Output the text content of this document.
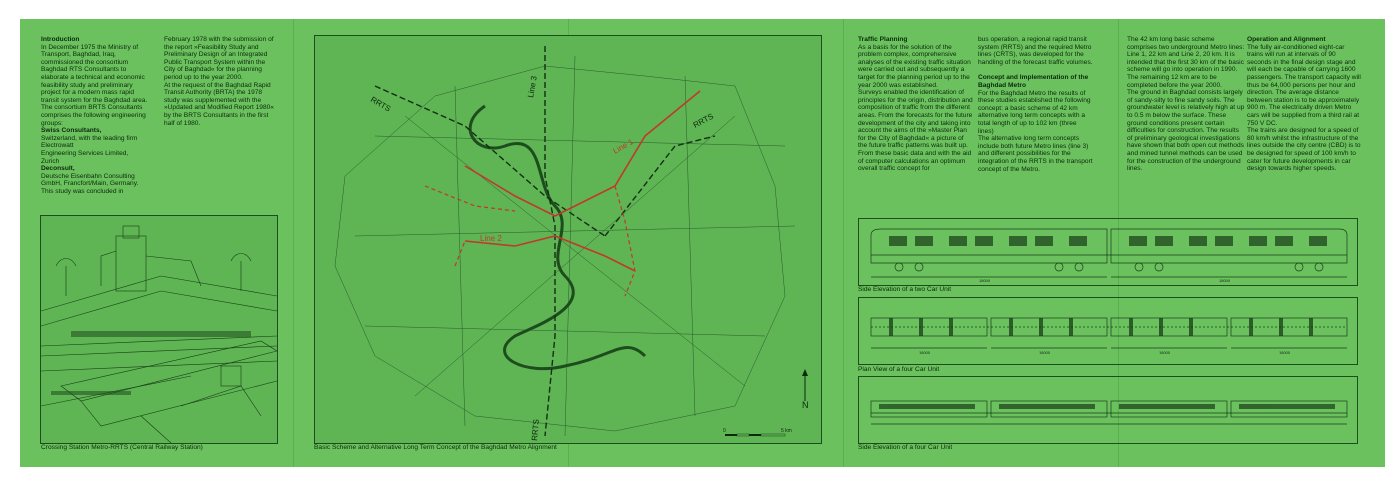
Introduction

In December 1975 the Ministry of Transport, Baghdad, Iraq, commissioned the consortium Baghdad RTS Consultants to elaborate a technical and economic feasibility study and preliminary project for a modern mass rapid transit system for the Baghdad area.

The consortium BRTS Consultants comprises the following engineering groups:

Swiss Consultants,
Switzerland, with the leading firm
Electrowatt
Engineering Services Limited,
Zurich
Deconsult,
Deutsche Eisenbahn Consulting
GmbH, Francfort/Main, Germany.
This study was concluded in

February 1978 with the submission of the report »Feasibility Study and Preliminary Design of an Integrated Public Transport System within the City of Baghdad« for the planning period up to the year 2000.

At the request of the Baghdad Rapid Transit Authority (BRTA) the 1978 study was supplemented with the »Updated and Modified Report 1980« by the BRTS Consultants in the first half of 1980.

Crossing Station Metro-RRTS (Central Railway Station)
N
0	5 km
RRTS
RRTS
RRTS
Line 1
Line 2
Line 3
Basic Scheme and Alternative Long Term Concept of the Baghdad Metro Alignment
Traffic Planning

As a basis for the solution of the problem complex, comprehensive analyses of the existing traffic situation were carried out and subsequently a target for the planning period up to the year 2000 was established.

Surveys enabled the identification of principles for the origin, distribution and composition of traffic from the different areas. From the forecasts for the future development of the city and taking into account the aims of the »Master Plan for the City of Baghdad« a picture of the future traffic patterns was built up.

From these basic data and with the aid of computer calculations an optimum overall traffic concept for

bus operation, a regional rapid transit system (RRTS) and the required Metro lines (CRTS), was developed for the handling of the forecast traffic volumes.

Concept and Implementation of the Baghdad Metro

For the Baghdad Metro the results of these studies established the following concept: a basic scheme of 42 km alternative long term concepts with a total length of up to 102 km (three lines)

The alternative long term concepts include both future Metro lines (line 3) and different possibilities for the integration of the RRTS in the transport concept of the Metro.

The 42 km long basic scheme comprises two underground Metro lines: Line 1, 22 km and Line 2, 20 km. It is intended that the first 30 km of the basic scheme will go into operation in 1990. The remaining 12 km are to be completed before the year 2000.

The ground in Baghdad consists largely of sandy-silty to fine sandy soils. The groundwater level is relatively high at up to 0.5 m below the surface. These ground conditions present certain difficulties for construction. The results of preliminary geological investigations have shown that both open cut methods and mined tunnel methods can be used for the construction of the underground lines.

Operation and Alignment

The fully air-conditioned eight-car trains will run at intervals of 90 seconds in the final design stage and will each be capable of carrying 1600 passengers. The transport capacity will thus be 64,000 persons per hour and direction. The average distance between station is to be approximately 900 m. The electrically driven Metro cars will be supplied from a third rail at 750 V DC.

The trains are designed for a speed of 80 km/h whilst the infrastructure of the lines outside the city centre (CBD) is to be designed for speed of 100 km/h to cater for future developments in car design towards higher speeds.

18000	18000
Side Elevation of a two Car Unit
18000	18000	18000	18000
Plan View of a four Car Unit
Side Elevation of a four Car Unit
